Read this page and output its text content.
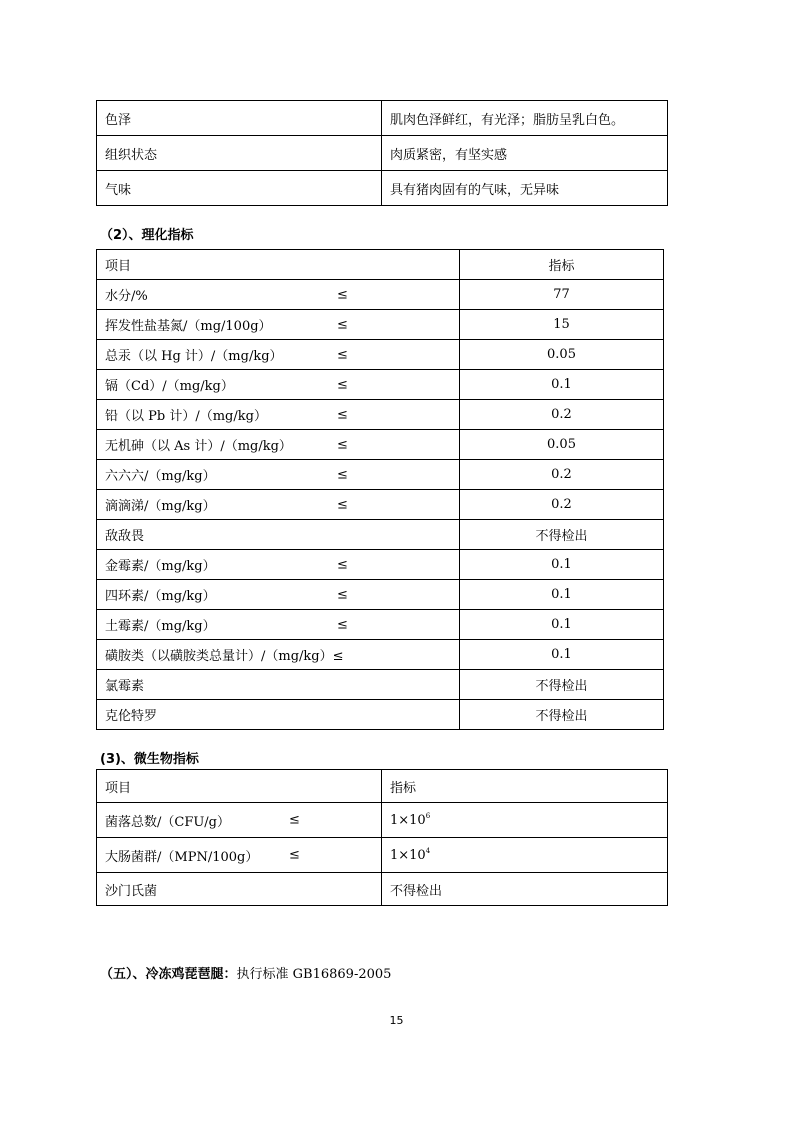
色泽	肌肉色泽鲜红，有光泽；脂肪呈乳白色。
组织状态	肉质紧密，有坚实感
气味	具有猪肉固有的气味，无异味
（2）、理化指标
项目	指标
水分/% ≤	77
挥发性盐基氮/（mg/100g） ≤	15
总汞（以 Hg 计）/（mg/kg） ≤	0.05
镉（Cd）/（mg/kg） ≤	0.1
铅（以 Pb 计）/（mg/kg） ≤	0.2
无机砷（以 As 计）/（mg/kg） ≤	0.05
六六六/（mg/kg） ≤	0.2
滴滴涕/（mg/kg） ≤	0.2
敌敌畏	不得检出
金霉素/（mg/kg） ≤	0.1
四环素/（mg/kg） ≤	0.1
土霉素/（mg/kg） ≤	0.1
磺胺类（以磺胺类总量计）/（mg/kg）≤	0.1
氯霉素	不得检出
克伦特罗	不得检出
(3)、微生物指标
项目	指标
菌落总数/（CFU/g） ≤	$1\times 10^6$
大肠菌群/（MPN/100g） ≤	$1\times 10^4$
沙门氏菌	不得检出
（五）、冷冻鸡琵琶腿：执行标准 GB16869-2005
15
